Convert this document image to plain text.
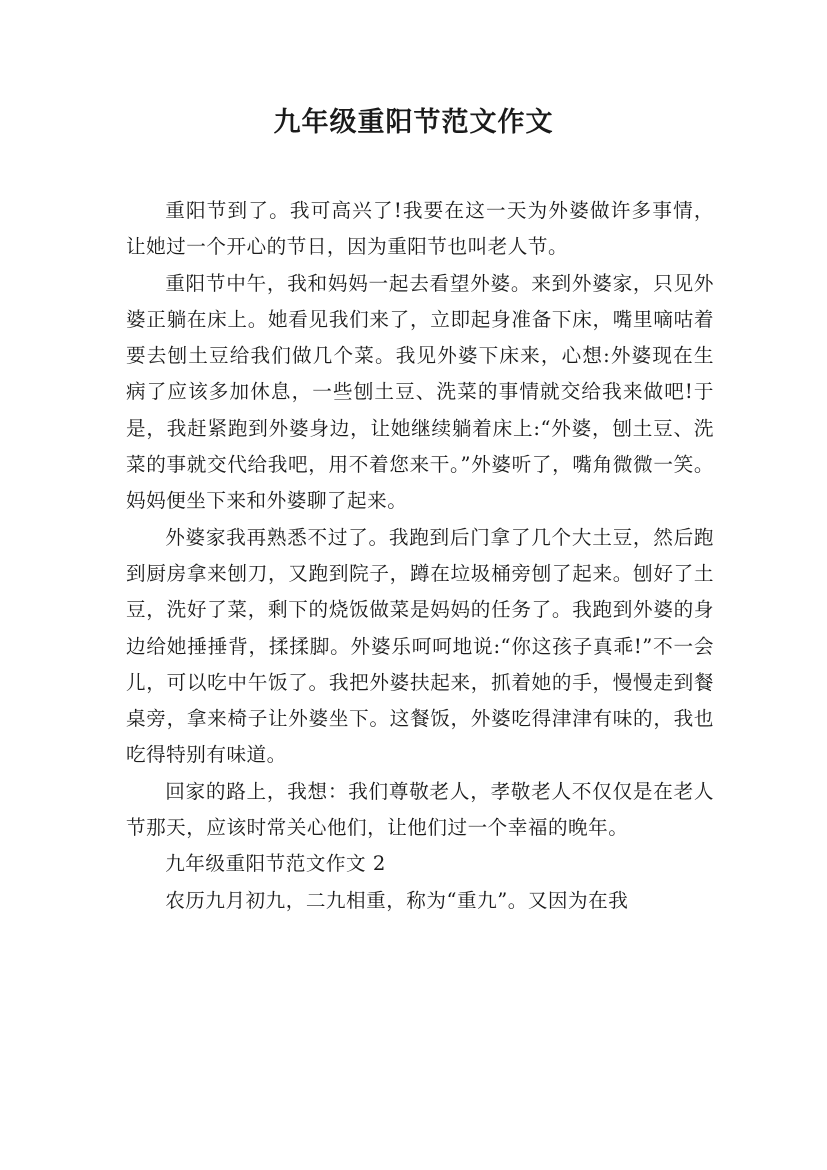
九年级重阳节范文作文

重阳节到了。我可高兴了!我要在这一天为外婆做许多事情，让她过一个开心的节日，因为重阳节也叫老人节。

重阳节中午，我和妈妈一起去看望外婆。来到外婆家，只见外婆正躺在床上。她看见我们来了，立即起身准备下床，嘴里嘀咕着要去刨土豆给我们做几个菜。我见外婆下床来，心想:外婆现在生病了应该多加休息，一些刨土豆、洗菜的事情就交给我来做吧!于是，我赶紧跑到外婆身边，让她继续躺着床上:“外婆，刨土豆、洗菜的事就交代给我吧，用不着您来干。”外婆听了，嘴角微微一笑。妈妈便坐下来和外婆聊了起来。

外婆家我再熟悉不过了。我跑到后门拿了几个大土豆，然后跑到厨房拿来刨刀，又跑到院子，蹲在垃圾桶旁刨了起来。刨好了土豆，洗好了菜，剩下的烧饭做菜是妈妈的任务了。我跑到外婆的身边给她捶捶背，揉揉脚。外婆乐呵呵地说:“你这孩子真乖!”不一会儿，可以吃中午饭了。我把外婆扶起来，抓着她的手，慢慢走到餐桌旁，拿来椅子让外婆坐下。这餐饭，外婆吃得津津有味的，我也吃得特别有味道。

回家的路上，我想：我们尊敬老人，孝敬老人不仅仅是在老人节那天，应该时常关心他们，让他们过一个幸福的晚年。

九年级重阳节范文作文 2

农历九月初九，二九相重，称为“重九”。又因为在我
